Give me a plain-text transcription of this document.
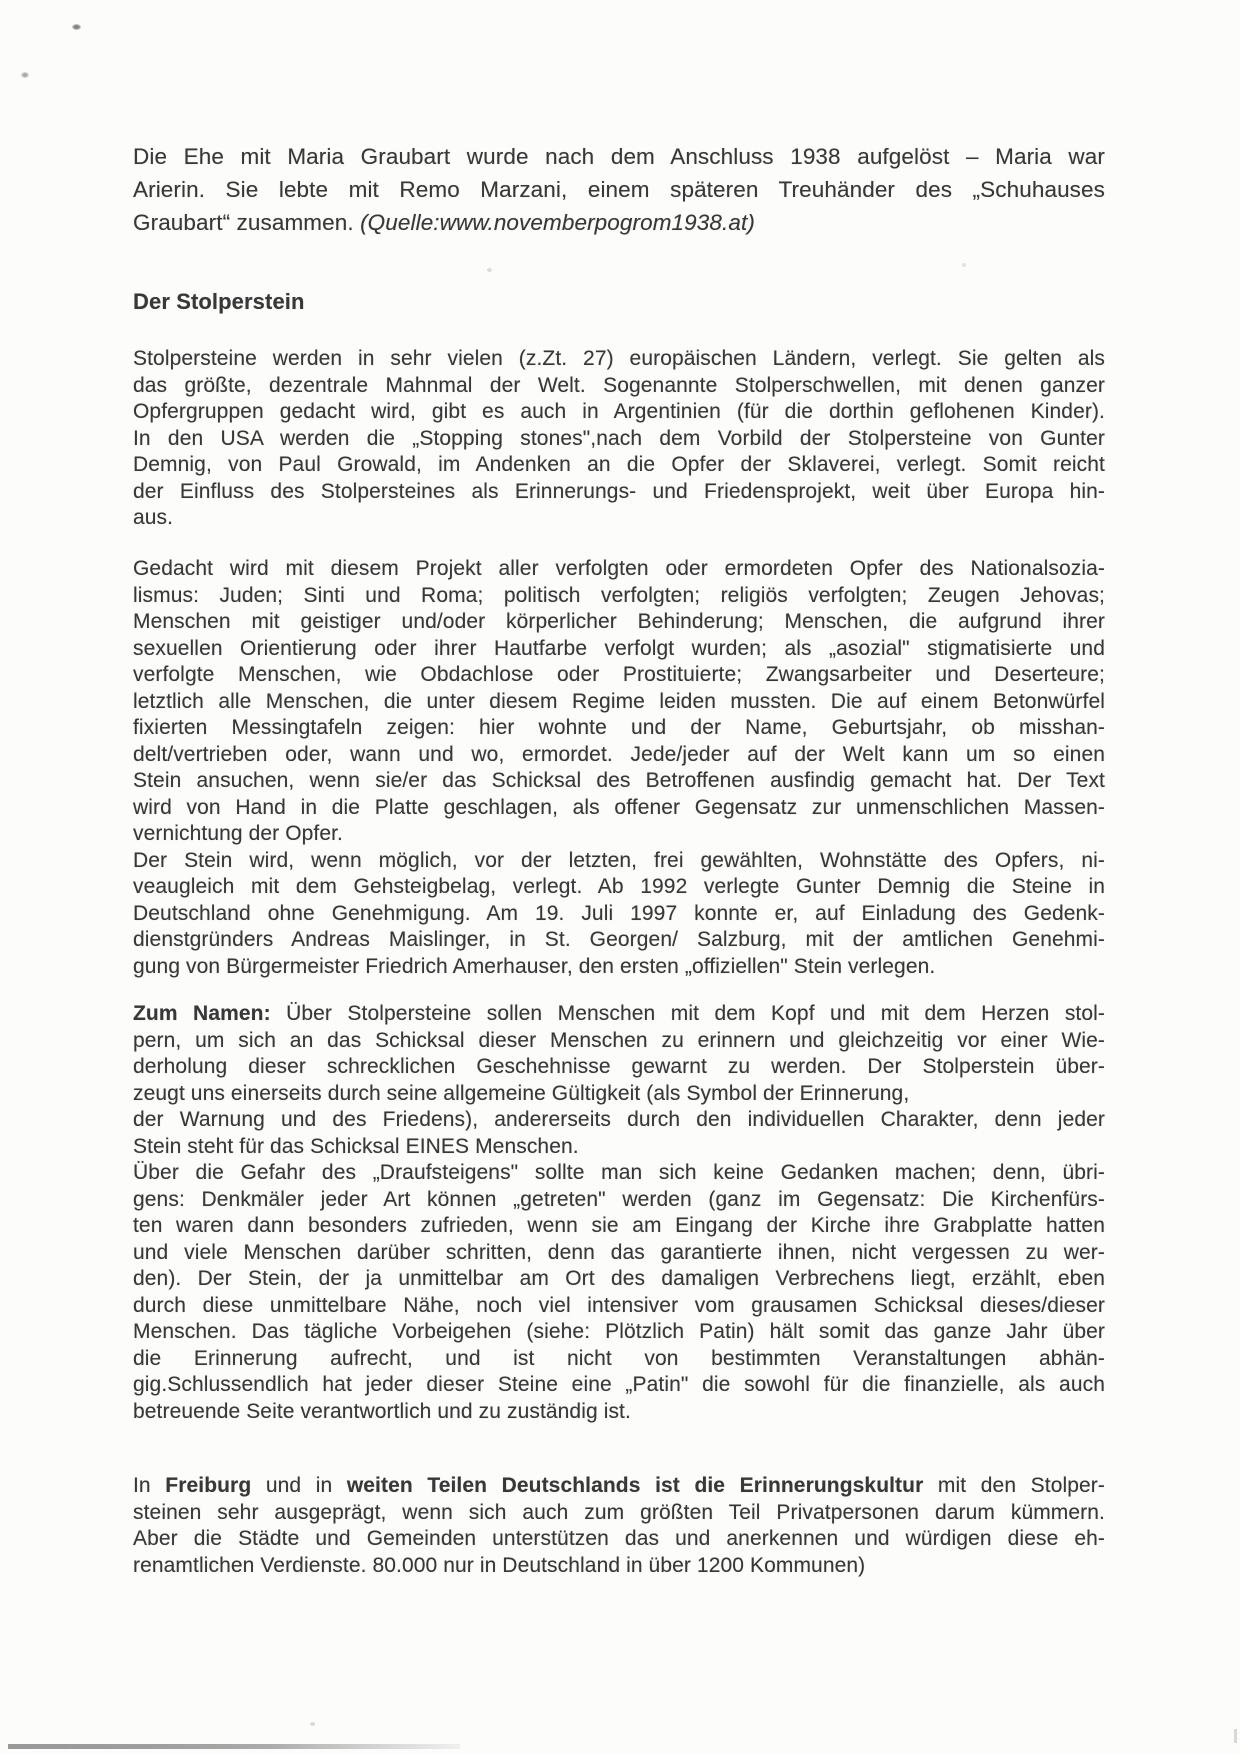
Die Ehe mit Maria Graubart wurde nach dem Anschluss 1938 aufgelöst – Maria war
Arierin. Sie lebte mit Remo Marzani, einem späteren Treuhänder des „Schuhauses
Graubart“ zusammen. (Quelle:www.novemberpogrom1938.at)
Der Stolperstein
Stolpersteine werden in sehr vielen (z.Zt. 27) europäischen Ländern, verlegt. Sie gelten als
das größte, dezentrale Mahnmal der Welt. Sogenannte Stolperschwellen, mit denen ganzer
Opfergruppen gedacht wird, gibt es auch in Argentinien (für die dorthin geflohenen Kinder).
In den USA werden die „Stopping stones",nach dem Vorbild der Stolpersteine von Gunter
Demnig, von Paul Growald, im Andenken an die Opfer der Sklaverei, verlegt. Somit reicht
der Einfluss des Stolpersteines als Erinnerungs- und Friedensprojekt, weit über Europa hin-
aus.
Gedacht wird mit diesem Projekt aller verfolgten oder ermordeten Opfer des Nationalsozia-
lismus: Juden; Sinti und Roma; politisch verfolgten; religiös verfolgten; Zeugen Jehovas;
Menschen mit geistiger und/oder körperlicher Behinderung; Menschen, die aufgrund ihrer
sexuellen Orientierung oder ihrer Hautfarbe verfolgt wurden; als „asozial" stigmatisierte und
verfolgte Menschen, wie Obdachlose oder Prostituierte; Zwangsarbeiter und Deserteure;
letztlich alle Menschen, die unter diesem Regime leiden mussten. Die auf einem Betonwürfel
fixierten Messingtafeln zeigen: hier wohnte und der Name, Geburtsjahr, ob misshan-
delt/vertrieben oder, wann und wo, ermordet. Jede/jeder auf der Welt kann um so einen
Stein ansuchen, wenn sie/er das Schicksal des Betroffenen ausfindig gemacht hat. Der Text
wird von Hand in die Platte geschlagen, als offener Gegensatz zur unmenschlichen Massen-
vernichtung der Opfer.
Der Stein wird, wenn möglich, vor der letzten, frei gewählten, Wohnstätte des Opfers, ni-
veaugleich mit dem Gehsteigbelag, verlegt. Ab 1992 verlegte Gunter Demnig die Steine in
Deutschland ohne Genehmigung. Am 19. Juli 1997 konnte er, auf Einladung des Gedenk-
dienstgründers Andreas Maislinger, in St. Georgen/ Salzburg, mit der amtlichen Genehmi-
gung von Bürgermeister Friedrich Amerhauser, den ersten „offiziellen" Stein verlegen.
Zum Namen: Über Stolpersteine sollen Menschen mit dem Kopf und mit dem Herzen stol-
pern, um sich an das Schicksal dieser Menschen zu erinnern und gleichzeitig vor einer Wie-
derholung dieser schrecklichen Geschehnisse gewarnt zu werden. Der Stolperstein über-
zeugt uns einerseits durch seine allgemeine Gültigkeit (als Symbol der Erinnerung,
der Warnung und des Friedens), andererseits durch den individuellen Charakter, denn jeder
Stein steht für das Schicksal EINES Menschen.
Über die Gefahr des „Draufsteigens" sollte man sich keine Gedanken machen; denn, übri-
gens: Denkmäler jeder Art können „getreten" werden (ganz im Gegensatz: Die Kirchenfürs-
ten waren dann besonders zufrieden, wenn sie am Eingang der Kirche ihre Grabplatte hatten
und viele Menschen darüber schritten, denn das garantierte ihnen, nicht vergessen zu wer-
den). Der Stein, der ja unmittelbar am Ort des damaligen Verbrechens liegt, erzählt, eben
durch diese unmittelbare Nähe, noch viel intensiver vom grausamen Schicksal dieses/dieser
Menschen. Das tägliche Vorbeigehen (siehe: Plötzlich Patin) hält somit das ganze Jahr über
die Erinnerung aufrecht, und ist nicht von bestimmten Veranstaltungen abhän-
gig.Schlussendlich hat jeder dieser Steine eine „Patin" die sowohl für die finanzielle, als auch
betreuende Seite verantwortlich und zu zuständig ist.
In Freiburg und in weiten Teilen Deutschlands ist die Erinnerungskultur mit den Stolper-
steinen sehr ausgeprägt, wenn sich auch zum größten Teil Privatpersonen darum kümmern.
Aber die Städte und Gemeinden unterstützen das und anerkennen und würdigen diese eh-
renamtlichen Verdienste. 80.000 nur in Deutschland in über 1200 Kommunen)
